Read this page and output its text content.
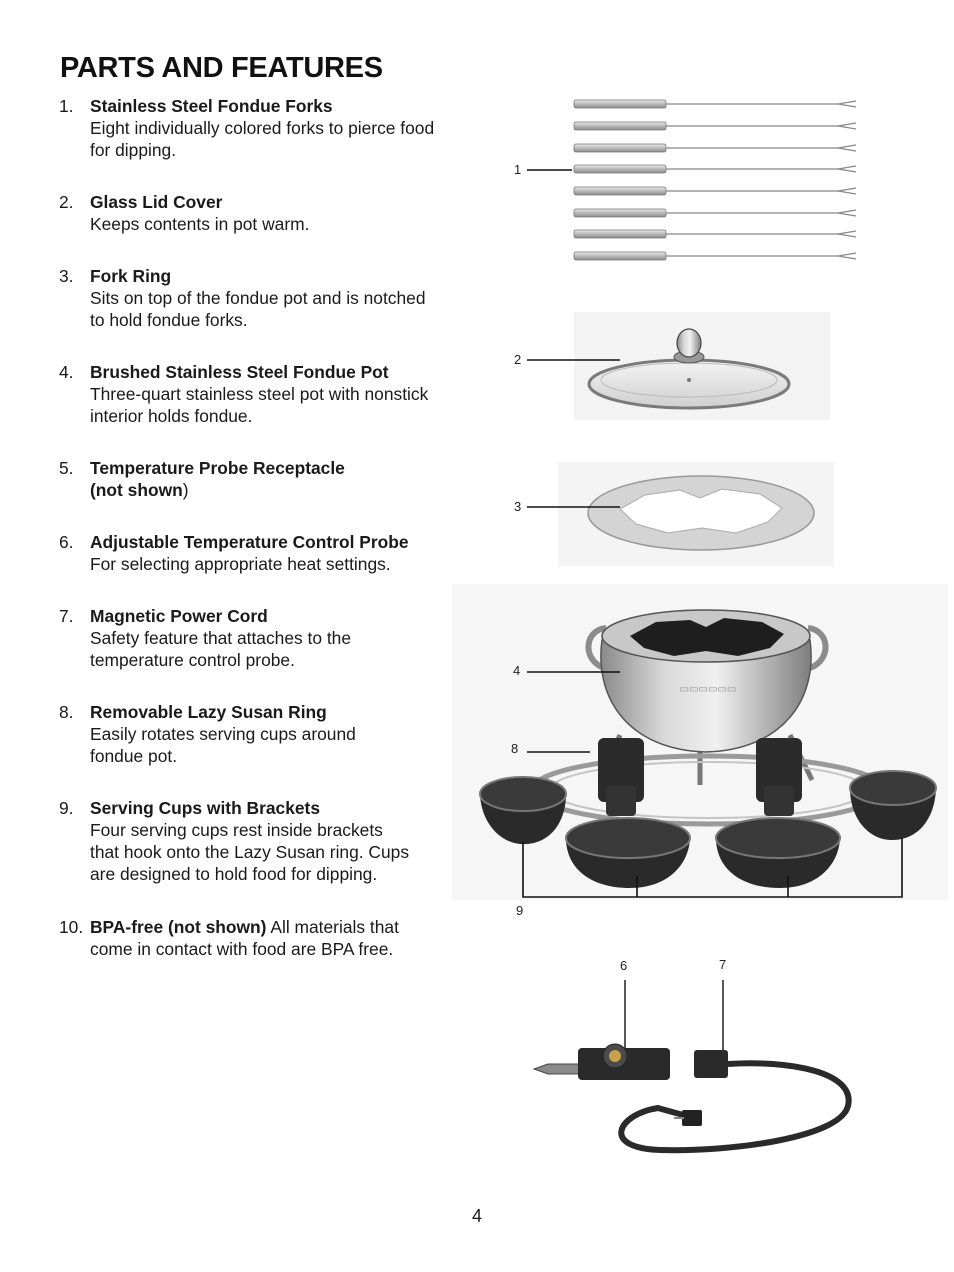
PARTS AND FEATURES
1. Stainless Steel Fondue Forks
Eight individually colored forks to pierce food
for dipping.
2. Glass Lid Cover
Keeps contents in pot warm.
3. Fork Ring
Sits on top of the fondue pot and is notched
to hold fondue forks.
4. Brushed Stainless Steel Fondue Pot
Three-quart stainless steel pot with nonstick
interior holds fondue.
5. Temperature Probe Receptacle
(not shown)
6. Adjustable Temperature Control Probe
For selecting appropriate heat settings.
7. Magnetic Power Cord
Safety feature that attaches to the
temperature control probe.
8. Removable Lazy Susan Ring
Easily rotates serving cups around
fondue pot.
9. Serving Cups with Brackets
Four serving cups rest inside brackets
that hook onto the Lazy Susan ring. Cups
are designed to hold food for dipping.
10. BPA-free (not shown) All materials that
come in contact with food are BPA free.
▭▭▭▭▭▭
1
2
3
4
8
9
6	7
4
